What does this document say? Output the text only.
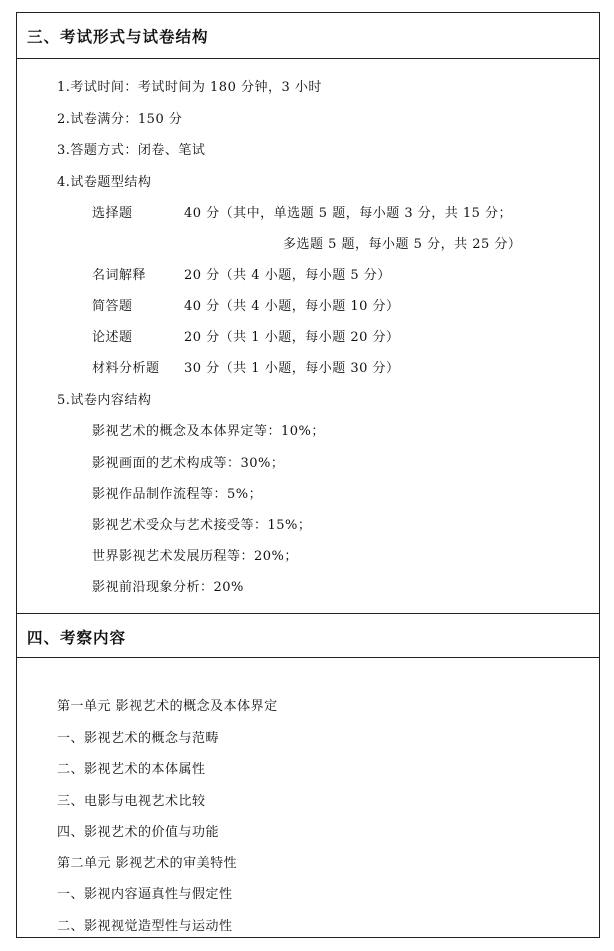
三、考试形式与试卷结构
1.考试时间：考试时间为 180 分钟，3 小时
2.试卷满分：150 分
3.答题方式：闭卷、笔试
4.试卷题型结构
选择题	40 分（其中，单选题 5 题，每小题 3 分，共 15 分；
多选题 5 题，每小题 5 分，共 25 分）
名词解释	20 分（共 4 小题，每小题 5 分）
简答题	40 分（共 4 小题，每小题 10 分）
论述题	20 分（共 1 小题，每小题 20 分）
材料分析题 30 分（共 1 小题，每小题 30 分）
5.试卷内容结构
影视艺术的概念及本体界定等：10%；
影视画面的艺术构成等：30%；
影视作品制作流程等：5%；
影视艺术受众与艺术接受等：15%；
世界影视艺术发展历程等：20%；
影视前沿现象分析：20%
四、考察内容
第一单元 影视艺术的概念及本体界定
一、影视艺术的概念与范畴
二、影视艺术的本体属性
三、电影与电视艺术比较
四、影视艺术的价值与功能
第二单元 影视艺术的审美特性
一、影视内容逼真性与假定性
二、影视视觉造型性与运动性
